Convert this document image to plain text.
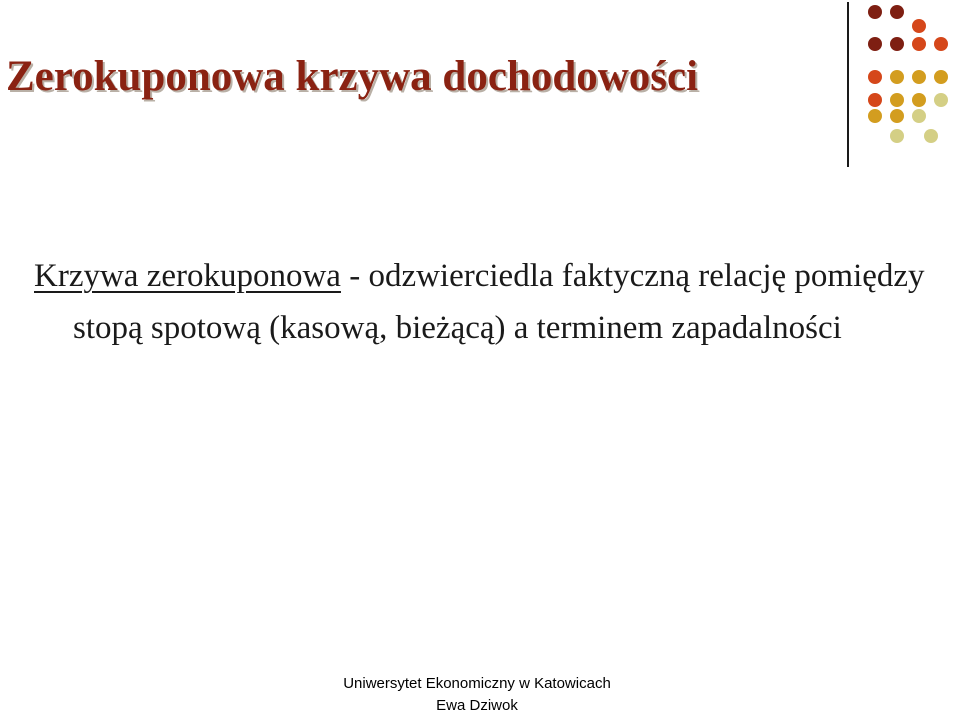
Zerokuponowa krzywa dochodowości

Krzywa zerokuponowa - odzwierciedla faktyczną relację pomiędzy stopą spotową (kasową, bieżącą) a terminem zapadalności

Uniwersytet Ekonomiczny w Katowicach
Ewa Dziwok
